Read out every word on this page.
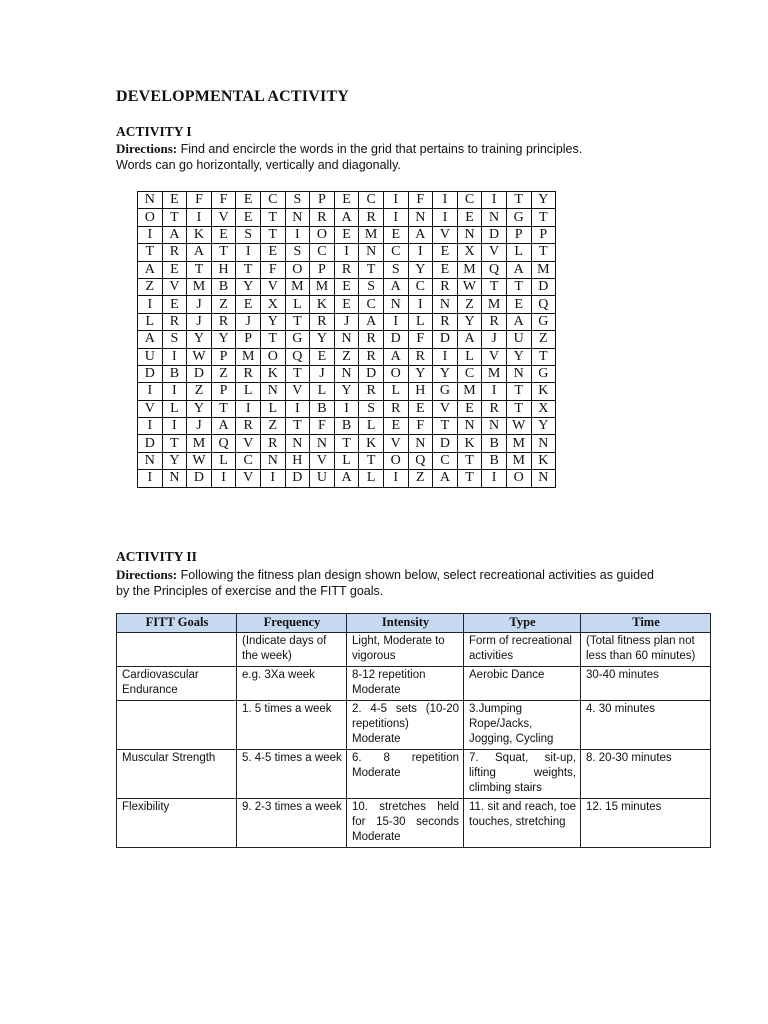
DEVELOPMENTAL ACTIVITY
ACTIVITY I

Directions: Find and encircle the words in the grid that pertains to training principles.
Words can go horizontally, vertically and diagonally.

N	E	F	F	E	C	S	P	E	C	I	F	I	C	I	T	Y
O	T	I	V	E	T	N	R	A	R	I	N	I	E	N	G	T
I	A	K	E	S	T	I	O	E	M	E	A	V	N	D	P	P
T	R	A	T	I	E	S	C	I	N	C	I	E	X	V	L	T
A	E	T	H	T	F	O	P	R	T	S	Y	E	M	Q	A	M
Z	V	M	B	Y	V	M	M	E	S	A	C	R	W	T	T	D
I	E	J	Z	E	X	L	K	E	C	N	I	N	Z	M	E	Q
L	R	J	R	J	Y	T	R	J	A	I	L	R	Y	R	A	G
A	S	Y	Y	P	T	G	Y	N	R	D	F	D	A	J	U	Z
U	I	W	P	M	O	Q	E	Z	R	A	R	I	L	V	Y	T
D	B	D	Z	R	K	T	J	N	D	O	Y	Y	C	M	N	G
I	I	Z	P	L	N	V	L	Y	R	L	H	G	M	I	T	K
V	L	Y	T	I	L	I	B	I	S	R	E	V	E	R	T	X
I	I	J	A	R	Z	T	F	B	L	E	F	T	N	N	W	Y
D	T	M	Q	V	R	N	N	T	K	V	N	D	K	B	M	N
N	Y	W	L	C	N	H	V	L	T	O	Q	C	T	B	M	K
I	N	D	I	V	I	D	U	A	L	I	Z	A	T	I	O	N
ACTIVITY II

Directions: Following the fitness plan design shown below, select recreational activities as guided by the Principles of exercise and the FITT goals.

FITT Goals	Frequency	Intensity	Type	Time
	(Indicate days of the week)	Light, Moderate to vigorous	Form of recreational activities	(Total fitness plan not less than 60 minutes)
Cardiovascular Endurance	e.g. 3Xa week	8-12 repetition Moderate	Aerobic Dance	30-40 minutes
	1. 5 times a week	2. 4-5 sets (10-20 repetitions) Moderate	3.Jumping Rope/Jacks, Jogging, Cycling	4. 30 minutes
Muscular Strength	5. 4-5 times a week	6. 8 repetition Moderate	7. Squat, sit-up, lifting weights, climbing stairs	8. 20-30 minutes
Flexibility	9. 2-3 times a week	10. stretches held for 15-30 seconds Moderate	11. sit and reach, toe touches, stretching	12. 15 minutes
